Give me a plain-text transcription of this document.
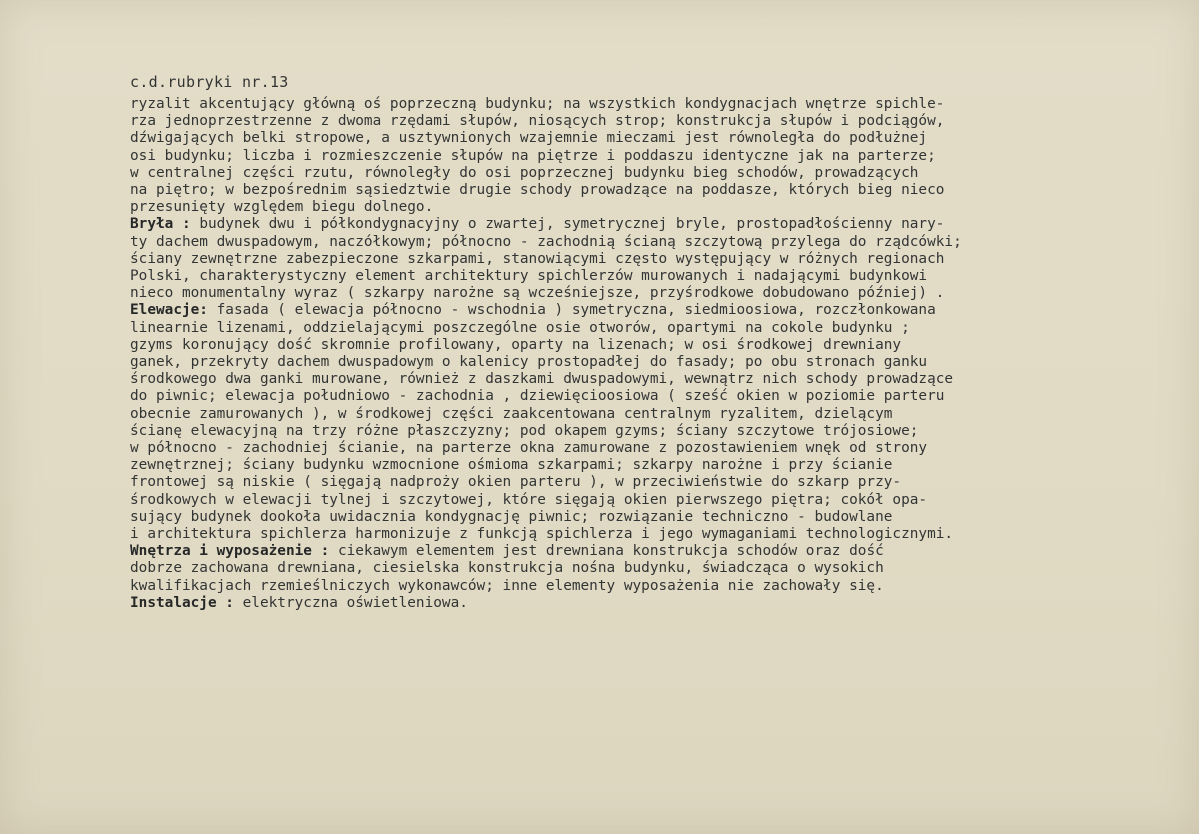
c.d.rubryki nr.13
ryzalit akcentujący główną oś poprzeczną budynku; na wszystkich kondygnacjach wnętrze spichle-
rza jednoprzestrzenne z dwoma rzędami słupów, niosących strop; konstrukcja słupów i podciągów,
dźwigających belki stropowe, a usztywnionych wzajemnie mieczami jest równoległa do podłużnej
osi budynku; liczba i rozmieszczenie słupów na piętrze i poddaszu identyczne jak na parterze;
w centralnej części rzutu, równoległy do osi poprzecznej budynku bieg schodów, prowadzących
na piętro; w bezpośrednim sąsiedztwie drugie schody prowadzące na poddasze, których bieg nieco
przesunięty względem biegu dolnego.
Bryła : budynek dwu i półkondygnacyjny o zwartej, symetrycznej bryle, prostopadłościenny nary-
ty dachem dwuspadowym, naczółkowym; północno - zachodnią ścianą szczytową przylega do rządcówki;
ściany zewnętrzne zabezpieczone szkarpami, stanowiącymi często występujący w różnych regionach
Polski, charakterystyczny element architektury spichlerzów murowanych i nadającymi budynkowi
nieco monumentalny wyraz ( szkarpy narożne są wcześniejsze, przyśrodkowe dobudowano później) .
Elewacje: fasada ( elewacja północno - wschodnia ) symetryczna, siedmioosiowa, rozczłonkowana
linearnie lizenami, oddzielającymi poszczególne osie otworów, opartymi na cokole budynku ;
gzyms koronujący dość skromnie profilowany, oparty na lizenach; w osi środkowej drewniany
ganek, przekryty dachem dwuspadowym o kalenicy prostopadłej do fasady; po obu stronach ganku
środkowego dwa ganki murowane, również z daszkami dwuspadowymi, wewnątrz nich schody prowadzące
do piwnic; elewacja południowo - zachodnia , dziewięcioosiowa ( sześć okien w poziomie parteru
obecnie zamurowanych ), w środkowej części zaakcentowana centralnym ryzalitem, dzielącym
ścianę elewacyjną na trzy różne płaszczyzny; pod okapem gzyms; ściany szczytowe trójosiowe;
w północno - zachodniej ścianie, na parterze okna zamurowane z pozostawieniem wnęk od strony
zewnętrznej; ściany budynku wzmocnione ośmioma szkarpami; szkarpy narożne i przy ścianie
frontowej są niskie ( sięgają nadproży okien parteru ), w przeciwieństwie do szkarp przy-
środkowych w elewacji tylnej i szczytowej, które sięgają okien pierwszego piętra; cokół opa-
sujący budynek dookoła uwidacznia kondygnację piwnic; rozwiązanie techniczno - budowlane
i architektura spichlerza harmonizuje z funkcją spichlerza i jego wymaganiami technologicznymi.
Wnętrza i wyposażenie : ciekawym elementem jest drewniana konstrukcja schodów oraz dość
dobrze zachowana drewniana, ciesielska konstrukcja nośna budynku, świadcząca o wysokich
kwalifikacjach rzemieślniczych wykonawców; inne elementy wyposażenia nie zachowały się.
Instalacje : elektryczna oświetleniowa.
